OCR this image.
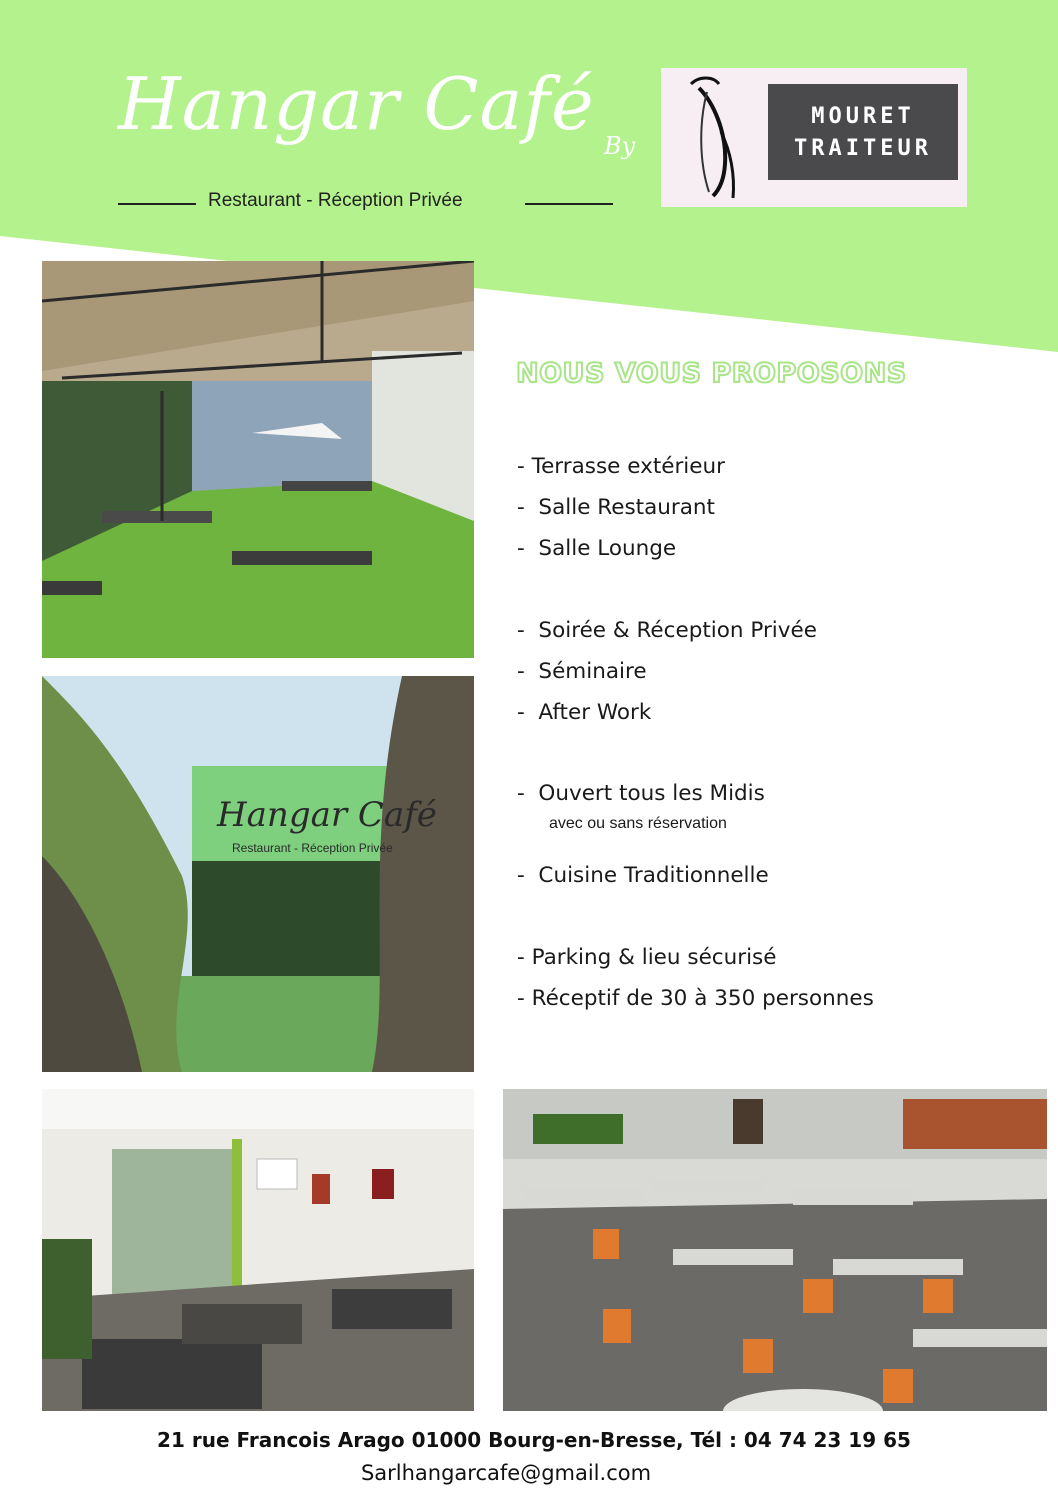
Hangar Café By
Restaurant - Réception Privée
MOURET
TRAITEUR
Hangar Café
Restaurant - Réception Privée
NOUS VOUS PROPOSONS
- Terrasse extérieur
-  Salle Restaurant
-  Salle Lounge
-  Soirée & Réception Privée
-  Séminaire
-  After Work
-  Ouvert tous les Midis
avec ou sans réservation
-  Cuisine Traditionnelle
- Parking & lieu sécurisé
- Réceptif de 30 à 350 personnes
21 rue Francois Arago 01000 Bourg-en-Bresse, Tél : 04 74 23 19 65
Sarlhangarcafe@gmail.com
